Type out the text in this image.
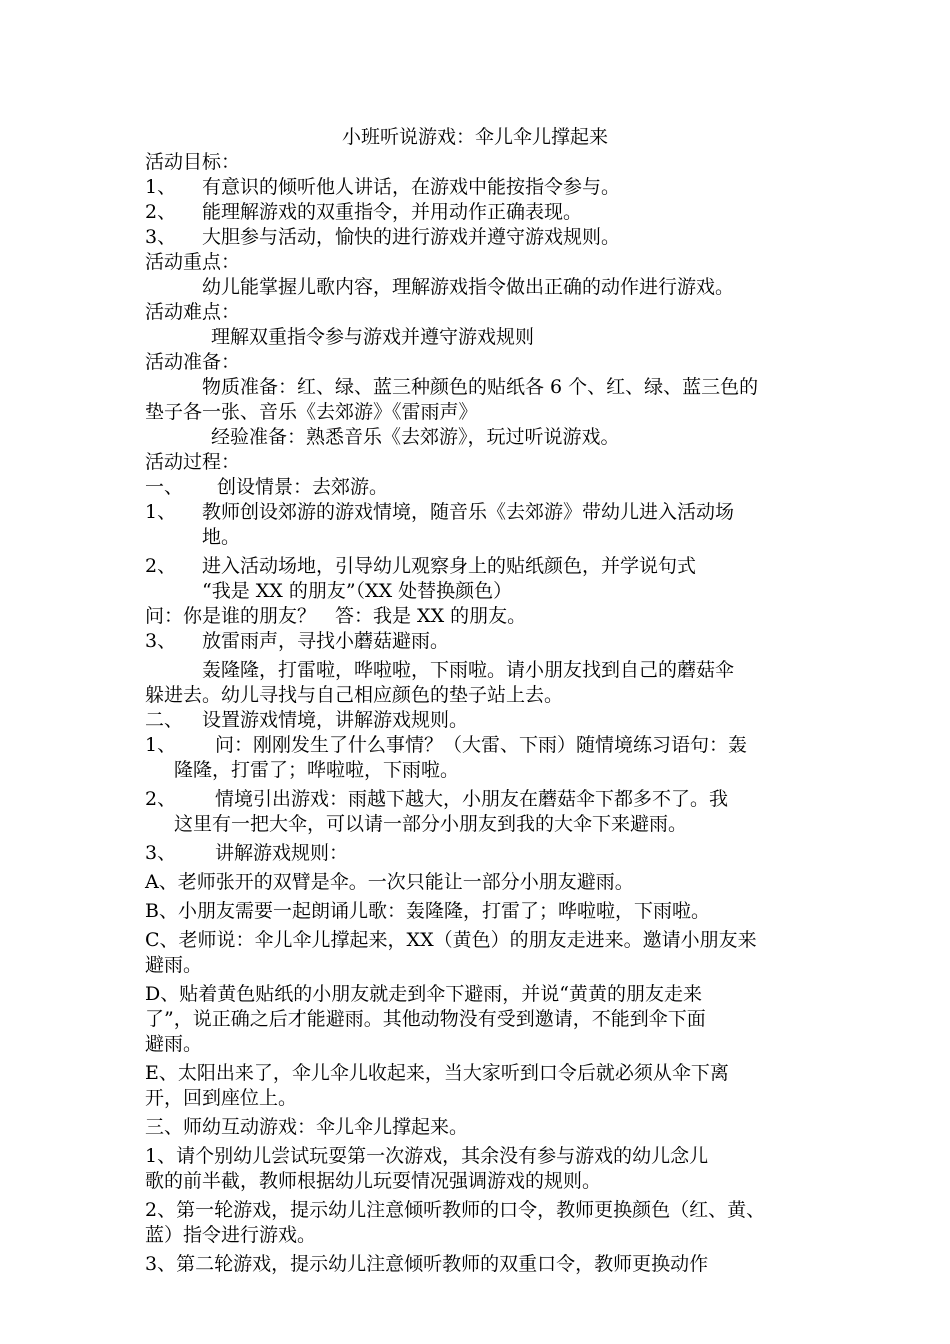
小班听说游戏：伞儿伞儿撑起来
活动目标：
1、 有意识的倾听他人讲话，在游戏中能按指令参与。
2、 能理解游戏的双重指令，并用动作正确表现。
3、 大胆参与活动，愉快的进行游戏并遵守游戏规则。
活动重点：
幼儿能掌握儿歌内容，理解游戏指令做出正确的动作进行游戏。
活动难点：
理解双重指令参与游戏并遵守游戏规则
活动准备：
物质准备：红、绿、蓝三种颜色的贴纸各 6 个、红、绿、蓝三色的
垫子各一张、音乐《去郊游》《雷雨声》
经验准备：熟悉音乐《去郊游》，玩过听说游戏。
活动过程：
一、 创设情景：去郊游。
1、 教师创设郊游的游戏情境，随音乐《去郊游》带幼儿进入活动场
地。
2、 进入活动场地，引导幼儿观察身上的贴纸颜色，并学说句式
“我是 XX 的朋友”（XX 处替换颜色）
问：你是谁的朋友？　答：我是 XX 的朋友。
3、 放雷雨声，寻找小蘑菇避雨。
轰隆隆，打雷啦，哗啦啦，下雨啦。请小朋友找到自己的蘑菇伞
躲进去。幼儿寻找与自己相应颜色的垫子站上去。
二、 设置游戏情境，讲解游戏规则。
1、 问：刚刚发生了什么事情？（大雷、下雨）随情境练习语句：轰
隆隆，打雷了；哗啦啦，下雨啦。
2、 情境引出游戏：雨越下越大，小朋友在蘑菇伞下都多不了。我
这里有一把大伞，可以请一部分小朋友到我的大伞下来避雨。
3、 讲解游戏规则：
A、老师张开的双臂是伞。一次只能让一部分小朋友避雨。
B、小朋友需要一起朗诵儿歌：轰隆隆，打雷了；哗啦啦，下雨啦。
C、老师说：伞儿伞儿撑起来，XX（黄色）的朋友走进来。邀请小朋友来
避雨。
D、贴着黄色贴纸的小朋友就走到伞下避雨，并说“黄黄的朋友走来
了”，说正确之后才能避雨。其他动物没有受到邀请，不能到伞下面
避雨。
E、太阳出来了，伞儿伞儿收起来，当大家听到口令后就必须从伞下离
开，回到座位上。
三、师幼互动游戏：伞儿伞儿撑起来。
1、请个别幼儿尝试玩耍第一次游戏，其余没有参与游戏的幼儿念儿
歌的前半截，教师根据幼儿玩耍情况强调游戏的规则。
2、第一轮游戏，提示幼儿注意倾听教师的口令，教师更换颜色（红、黄、
蓝）指令进行游戏。
3、第二轮游戏，提示幼儿注意倾听教师的双重口令，教师更换动作
